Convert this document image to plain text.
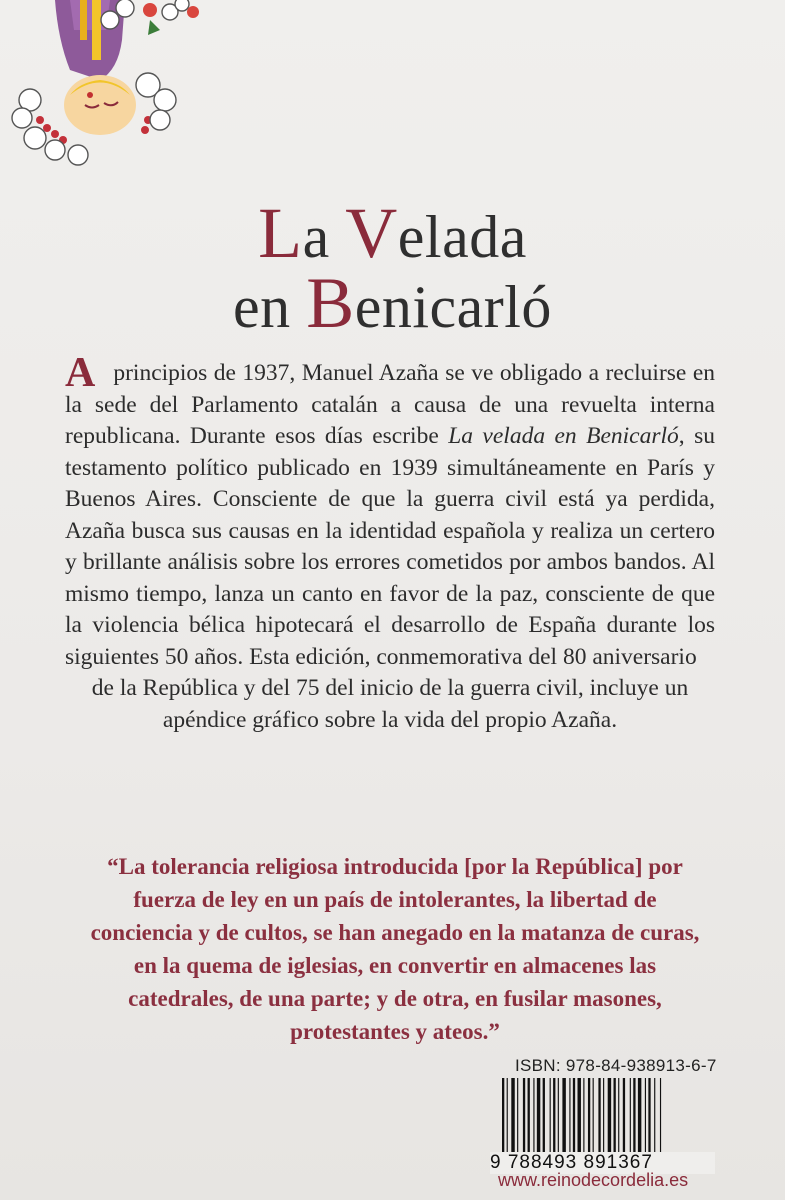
La Velada
en Benicarló
Aprincipios de 1937, Manuel Azaña se ve obligado a recluirse en la sede del Parlamento catalán a causa de una revuelta interna republicana. Durante esos días escribe La velada en Benicarló, su testamento político publicado en 1939 simultáneamente en París y Buenos Aires. Consciente de que la guerra civil está ya perdida, Azaña busca sus causas en la identidad española y realiza un certero y brillante análisis sobre los errores cometidos por ambos bandos. Al mismo tiempo, lanza un canto en favor de la paz, consciente de que la violencia bélica hipotecará el desarrollo de España durante los siguientes 50 años. Esta edición, conmemorativa del 80 aniversario
de la República y del 75 del inicio de la guerra civil, incluye un apéndice gráfico sobre la vida del propio Azaña.
“La tolerancia religiosa introducida [por la República] por fuerza de ley en un país de intolerantes, la libertad de conciencia y de cultos, se han anegado en la matanza de curas, en la quema de iglesias, en convertir en almacenes las catedrales, de una parte; y de otra, en fusilar masones, protestantes y ateos.”
ISBN: 978-84-938913-6-7
9 788493 891367
www.reinodecordelia.es
